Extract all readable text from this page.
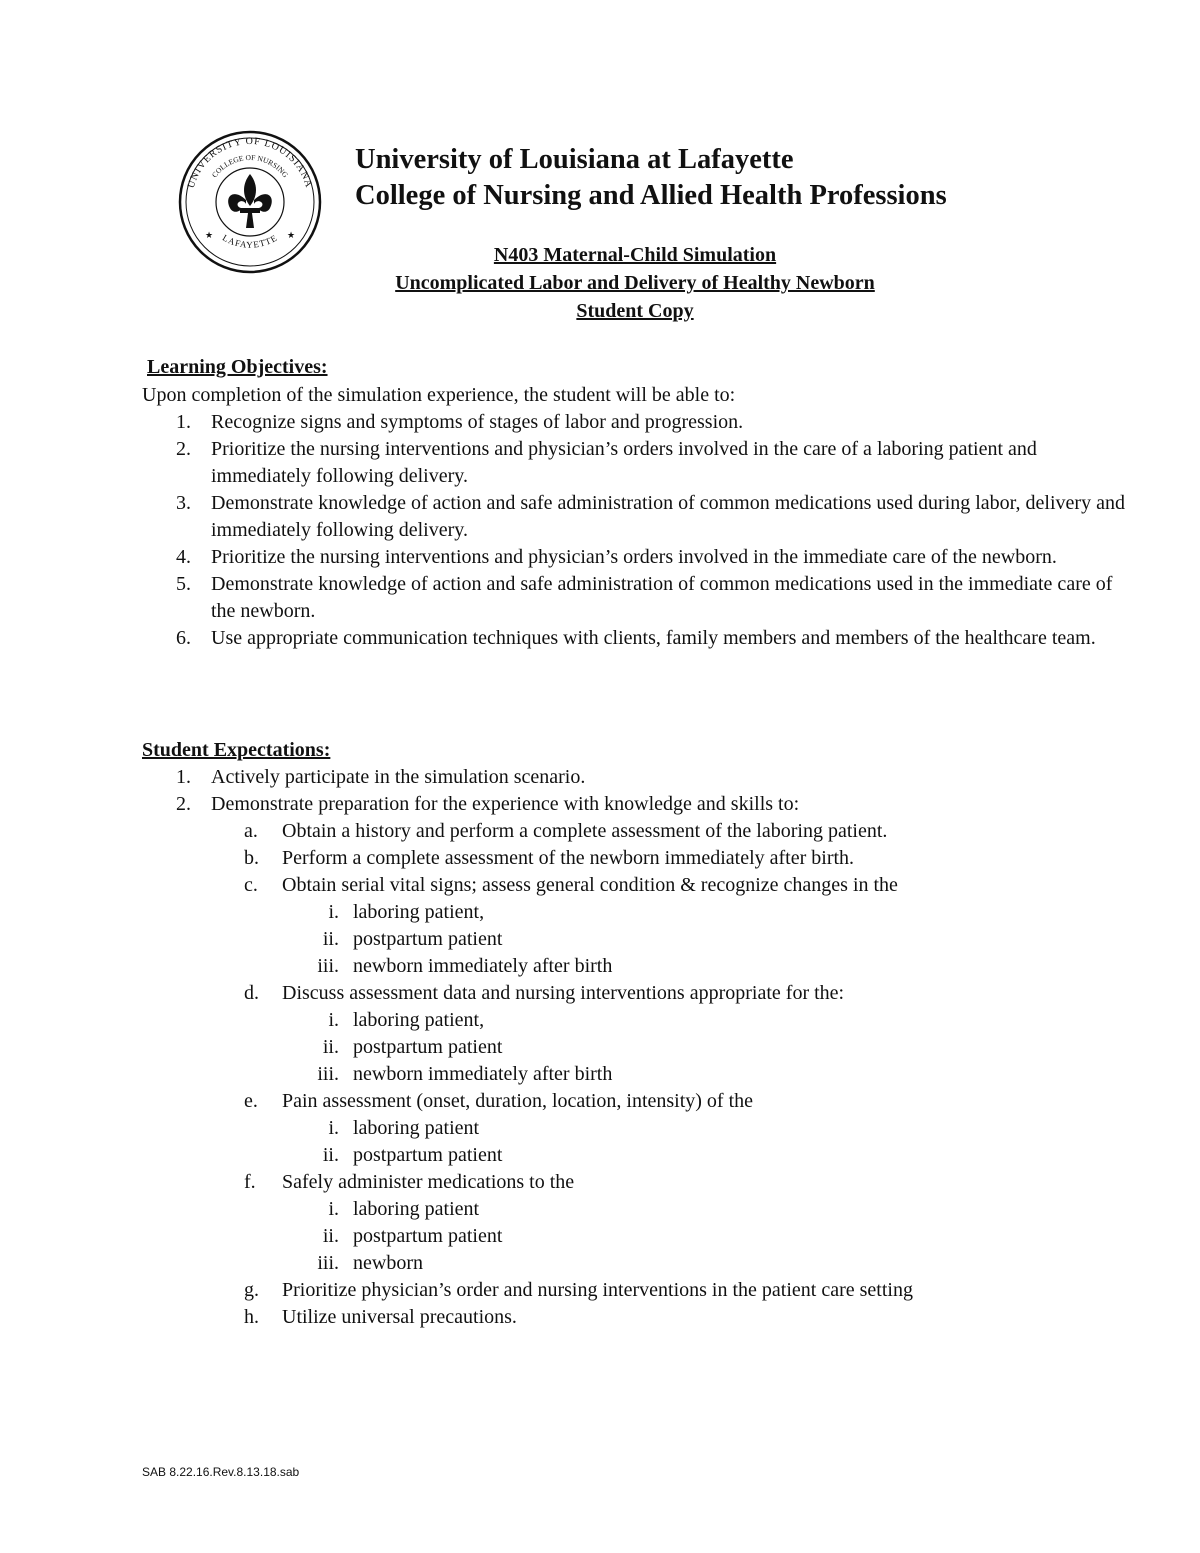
UNIVERSITY OF LOUISIANA
COLLEGE OF NURSING
LAFAYETTE
★	★
University of Louisiana at Lafayette
College of Nursing and Allied Health Professions
N403 Maternal-Child Simulation
Uncomplicated Labor and Delivery of Healthy Newborn
Student Copy
Learning Objectives:
Upon completion of the simulation experience, the student will be able to:
1. Recognize signs and symptoms of stages of labor and progression.
2. Prioritize the nursing interventions and physician’s orders involved in the care of a laboring patient and immediately following delivery.
3. Demonstrate knowledge of action and safe administration of common medications used during labor, delivery and immediately following delivery.
4. Prioritize the nursing interventions and physician’s orders involved in the immediate care of the newborn.
5. Demonstrate knowledge of action and safe administration of common medications used in the immediate care of the newborn.
6. Use appropriate communication techniques with clients, family members and members of the healthcare team.
Student Expectations:
1. Actively participate in the simulation scenario.
2. Demonstrate preparation for the experience with knowledge and skills to:
a. Obtain a history and perform a complete assessment of the laboring patient.
b. Perform a complete assessment of the newborn immediately after birth.
c. Obtain serial vital signs; assess general condition & recognize changes in the
i. laboring patient,
ii. postpartum patient
iii. newborn immediately after birth
d. Discuss assessment data and nursing interventions appropriate for the:
i. laboring patient,
ii. postpartum patient
iii. newborn immediately after birth
e. Pain assessment (onset, duration, location, intensity) of the
i. laboring patient
ii. postpartum patient
f. Safely administer medications to the
i. laboring patient
ii. postpartum patient
iii. newborn
g. Prioritize physician’s order and nursing interventions in the patient care setting
h. Utilize universal precautions.
SAB 8.22.16.Rev.8.13.18.sab
